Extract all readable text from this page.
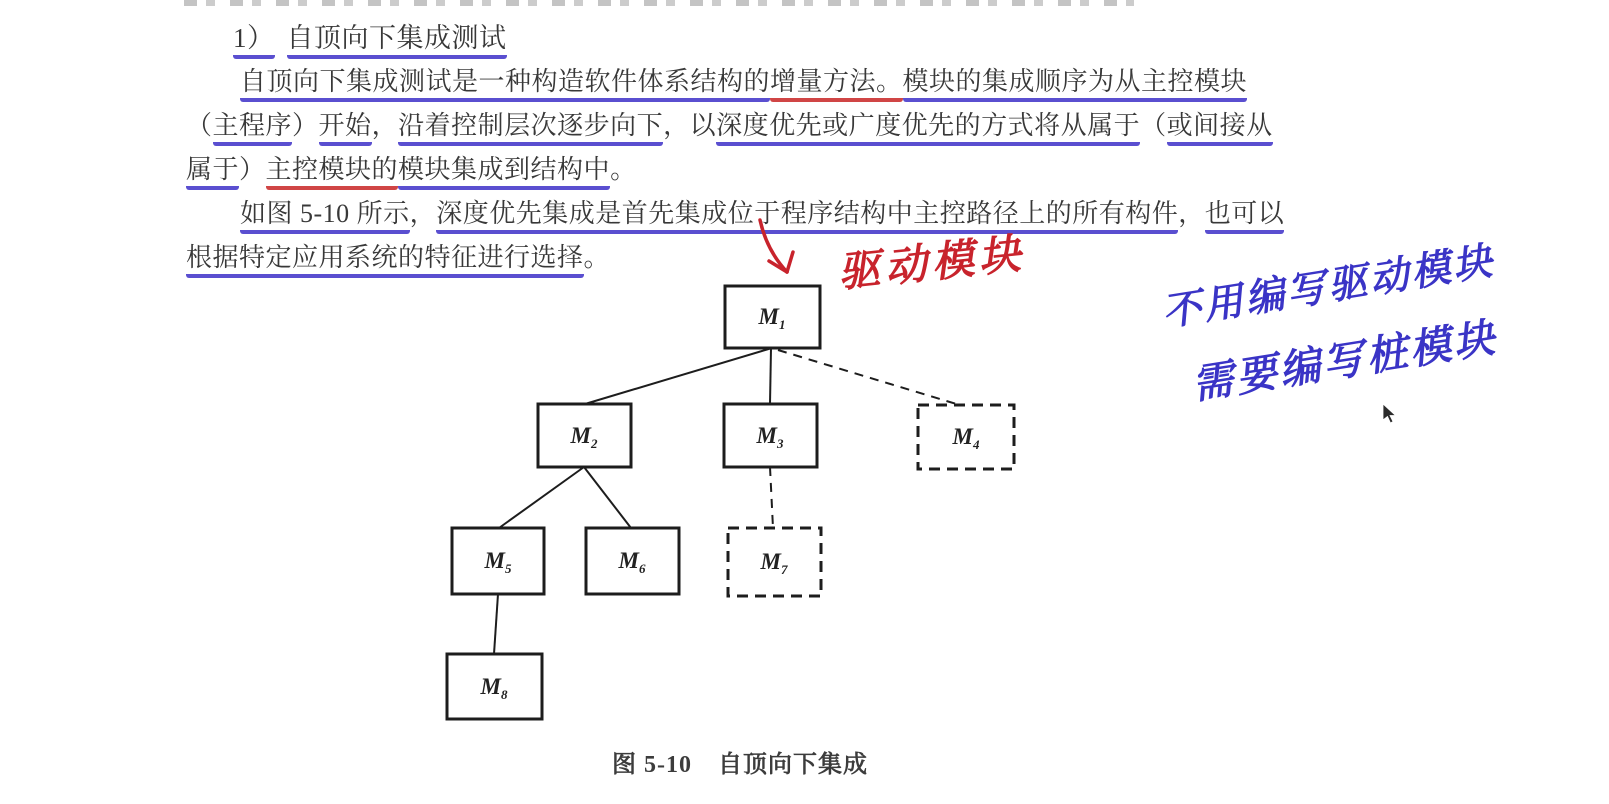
1） 自顶向下集成测试
自顶向下集成测试是一种构造软件体系结构的增量方法。模块的集成顺序为从主控模块
（主程序）开始，沿着控制层次逐步向下，以深度优先或广度优先的方式将从属于（或间接从
属于）主控模块的模块集成到结构中。
如图 5-10 所示，深度优先集成是首先集成位于程序结构中主控路径上的所有构件，也可以
根据特定应用系统的特征进行选择。
$M_1$
$M_2$	$M_3$	$M_4$
$M_5$	$M_6$	$M_7$
$M_8$
驱动模块	不用编写驱动模块
需要编写桩模块
图 5-10 自顶向下集成
